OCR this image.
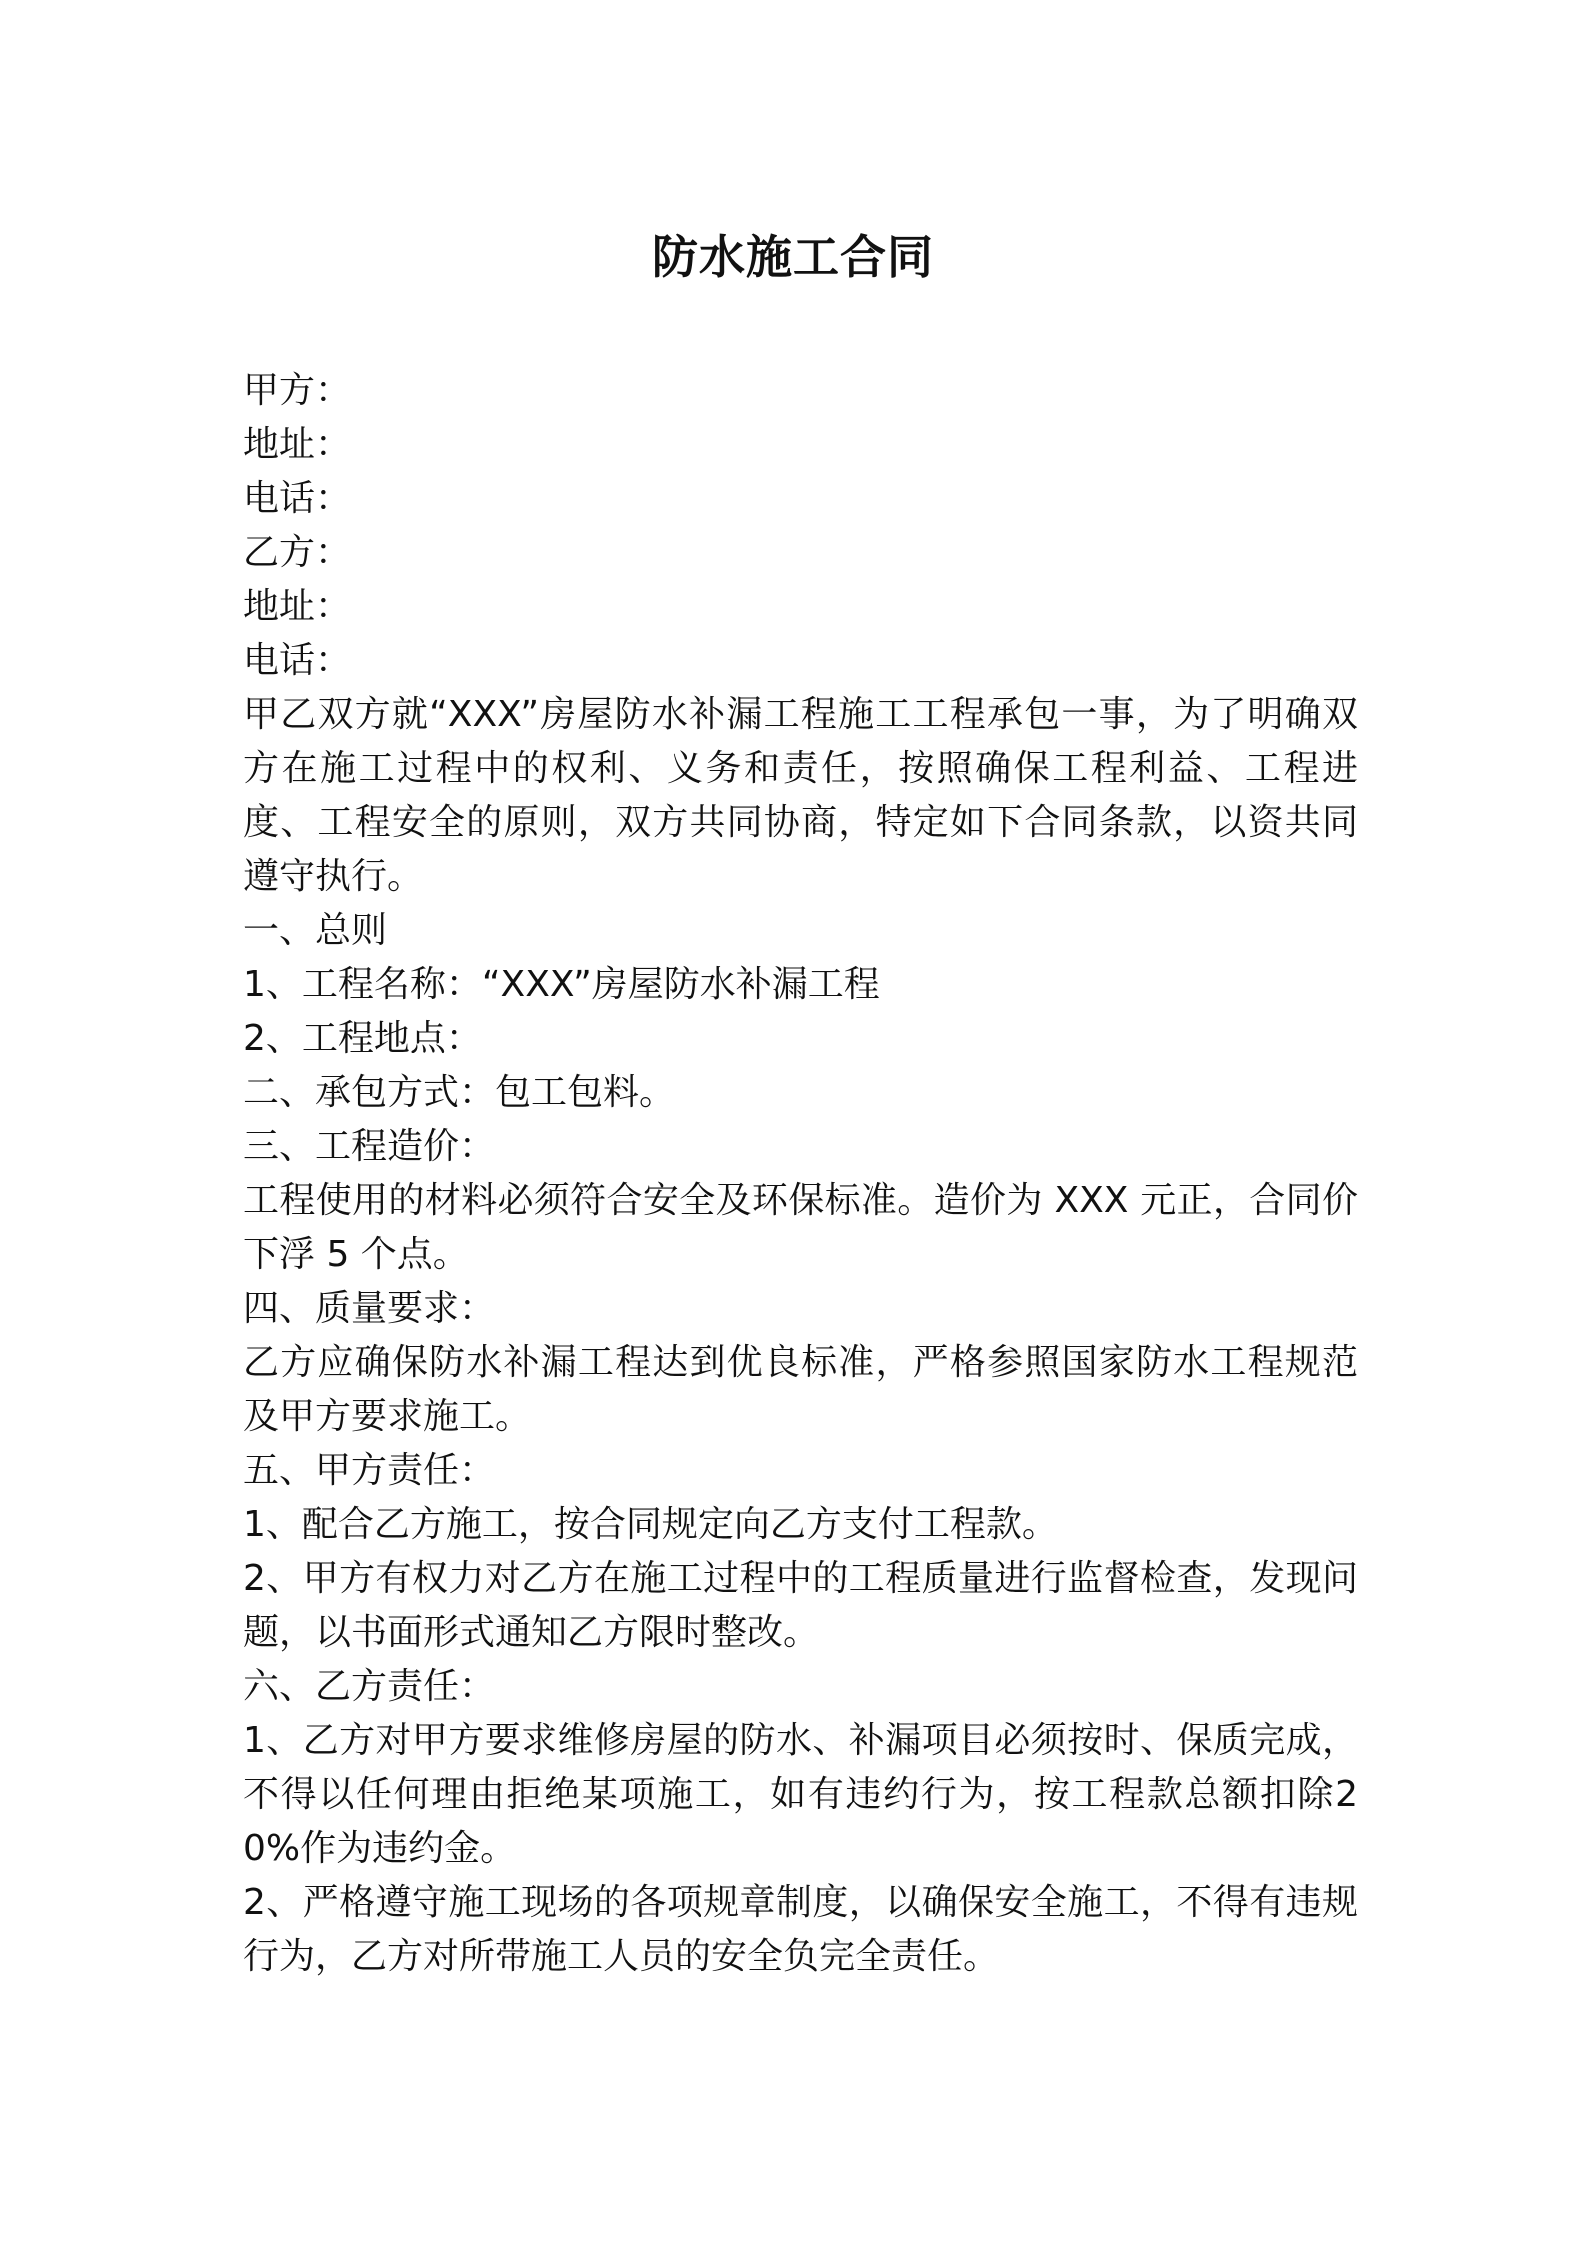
防水施工合同
甲方：
地址：
电话：
乙方：
地址：
电话：
甲乙双方就“XXX”房屋防水补漏工程施工工程承包一事，为了明确双方在施工过程中的权利、义务和责任，按照确保工程利益、工程进度、工程安全的原则，双方共同协商，特定如下合同条款，以资共同遵守执行。
一、总则
1、工程名称：“XXX”房屋防水补漏工程
2、工程地点：
二、承包方式：包工包料。
三、工程造价：
工程使用的材料必须符合安全及环保标准。造价为 XXX 元正，合同价下浮 5 个点。
四、质量要求：
乙方应确保防水补漏工程达到优良标准，严格参照国家防水工程规范及甲方要求施工。
五、甲方责任：
1、配合乙方施工，按合同规定向乙方支付工程款。
2、甲方有权力对乙方在施工过程中的工程质量进行监督检查，发现问题，以书面形式通知乙方限时整改。
六、乙方责任：
1、乙方对甲方要求维修房屋的防水、补漏项目必须按时、保质完成，不得以任何理由拒绝某项施工，如有违约行为，按工程款总额扣除20%作为违约金。
2、严格遵守施工现场的各项规章制度，以确保安全施工，不得有违规行为，乙方对所带施工人员的安全负完全责任。
